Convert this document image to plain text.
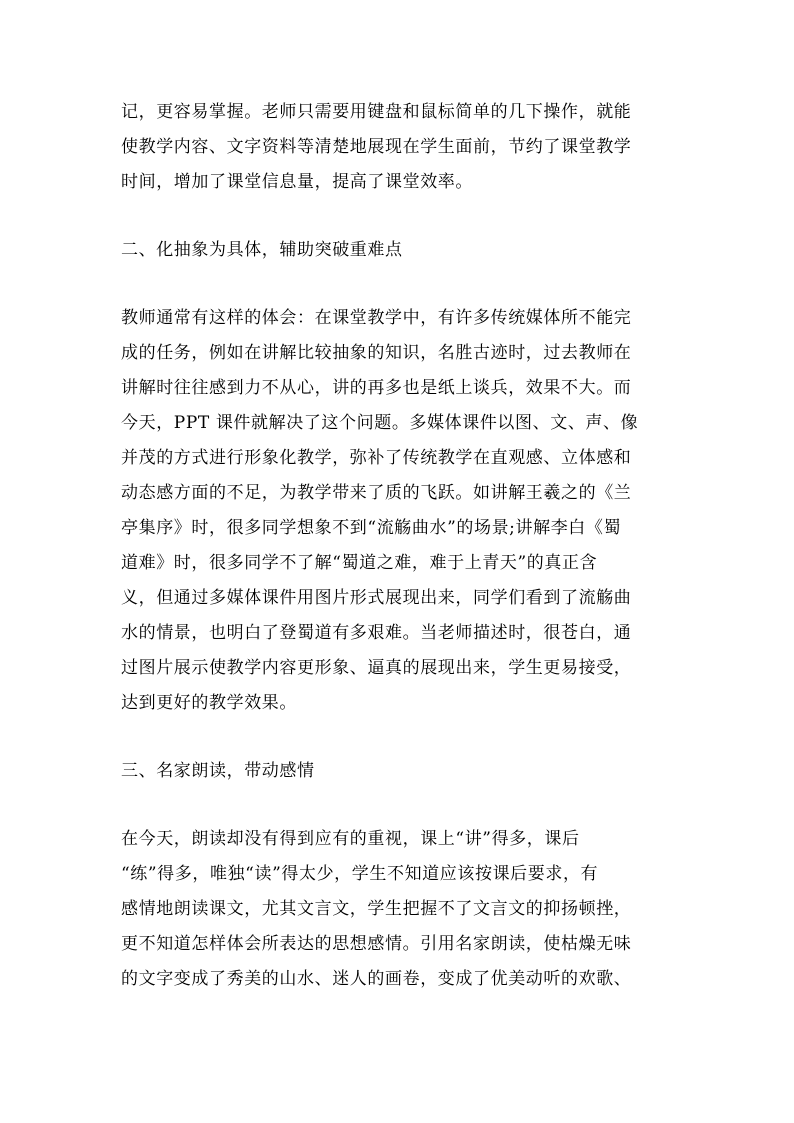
记，更容易掌握。老师只需要用键盘和鼠标简单的几下操作，就能
使教学内容、文字资料等清楚地展现在学生面前，节约了课堂教学
时间，增加了课堂信息量，提高了课堂效率。
二、化抽象为具体，辅助突破重难点
教师通常有这样的体会：在课堂教学中，有许多传统媒体所不能完
成的任务，例如在讲解比较抽象的知识，名胜古迹时，过去教师在
讲解时往往感到力不从心，讲的再多也是纸上谈兵，效果不大。而
今天，PPT 课件就解决了这个问题。多媒体课件以图、文、声、像
并茂的方式进行形象化教学，弥补了传统教学在直观感、立体感和
动态感方面的不足，为教学带来了质的飞跃。如讲解王羲之的《兰
亭集序》时，很多同学想象不到“流觞曲水”的场景;讲解李白《蜀
道难》时，很多同学不了解“蜀道之难，难于上青天”的真正含
义，但通过多媒体课件用图片形式展现出来，同学们看到了流觞曲
水的情景，也明白了登蜀道有多艰难。当老师描述时，很苍白，通
过图片展示使教学内容更形象、逼真的展现出来，学生更易接受，
达到更好的教学效果。
三、名家朗读，带动感情
在今天，朗读却没有得到应有的重视，课上“讲”得多，课后
“练”得多，唯独“读”得太少，学生不知道应该按课后要求，有
感情地朗读课文，尤其文言文，学生把握不了文言文的抑扬顿挫，
更不知道怎样体会所表达的思想感情。引用名家朗读，使枯燥无味
的文字变成了秀美的山水、迷人的画卷，变成了优美动听的欢歌、
